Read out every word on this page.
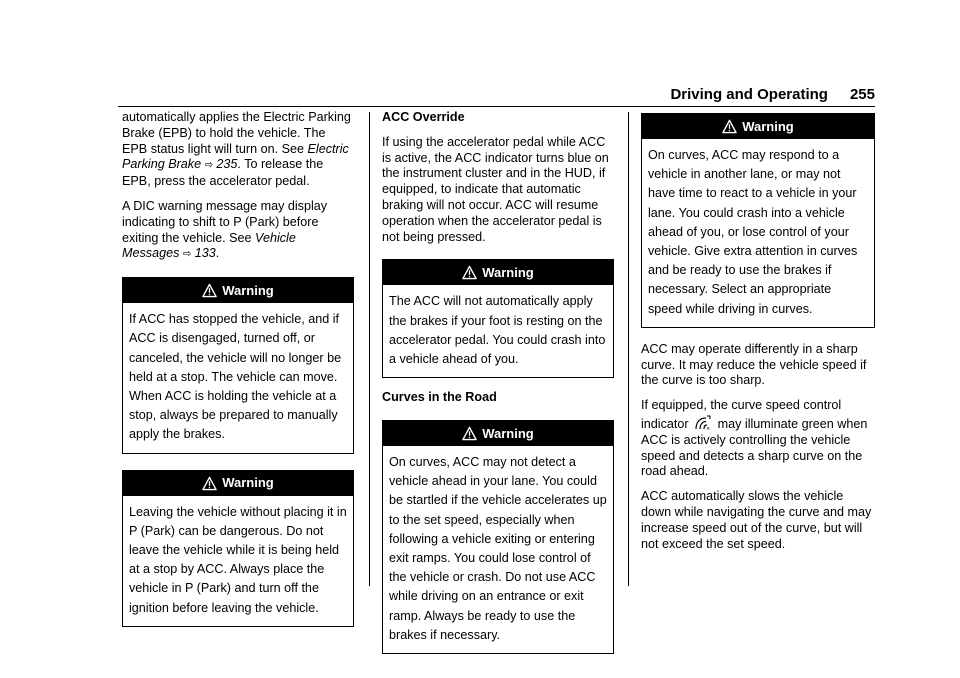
Driving and Operating 255

automatically applies the Electric Parking Brake (EPB) to hold the vehicle. The EPB status light will turn on. See Electric Parking Brake ⇨ 235. To release the EPB, press the accelerator pedal.

A DIC warning message may display indicating to shift to P (Park) before exiting the vehicle. See Vehicle Messages ⇨ 133.

Warning
If ACC has stopped the vehicle, and if ACC is disengaged, turned off, or canceled, the vehicle will no longer be held at a stop. The vehicle can move. When ACC is holding the vehicle at a stop, always be prepared to manually apply the brakes.
Warning
Leaving the vehicle without placing it in P (Park) can be dangerous. Do not leave the vehicle while it is being held at a stop by ACC. Always place the vehicle in P (Park) and turn off the ignition before leaving the vehicle.

ACC Override

If using the accelerator pedal while ACC is active, the ACC indicator turns blue on the instrument cluster and in the HUD, if equipped, to indicate that automatic braking will not occur. ACC will resume operation when the accelerator pedal is not being pressed.

Warning
The ACC will not automatically apply the brakes if your foot is resting on the accelerator pedal. You could crash into a vehicle ahead of you.

Curves in the Road

Warning
On curves, ACC may not detect a vehicle ahead in your lane. You could be startled if the vehicle accelerates up to the set speed, especially when following a vehicle exiting or entering exit ramps. You could lose control of the vehicle or crash. Do not use ACC while driving on an entrance or exit ramp. Always be ready to use the brakes if necessary.
Warning
On curves, ACC may respond to a vehicle in another lane, or may not have time to react to a vehicle in your lane. You could crash into a vehicle ahead of you, or lose control of your vehicle. Give extra attention in curves and be ready to use the brakes if necessary. Select an appropriate speed while driving in curves.

ACC may operate differently in a sharp curve. It may reduce the vehicle speed if the curve is too sharp.

If equipped, the curve speed control indicator	× may illuminate green when ACC is actively controlling the vehicle speed and detects a sharp curve on the road ahead.

ACC automatically slows the vehicle down while navigating the curve and may increase speed out of the curve, but will not exceed the set speed.
